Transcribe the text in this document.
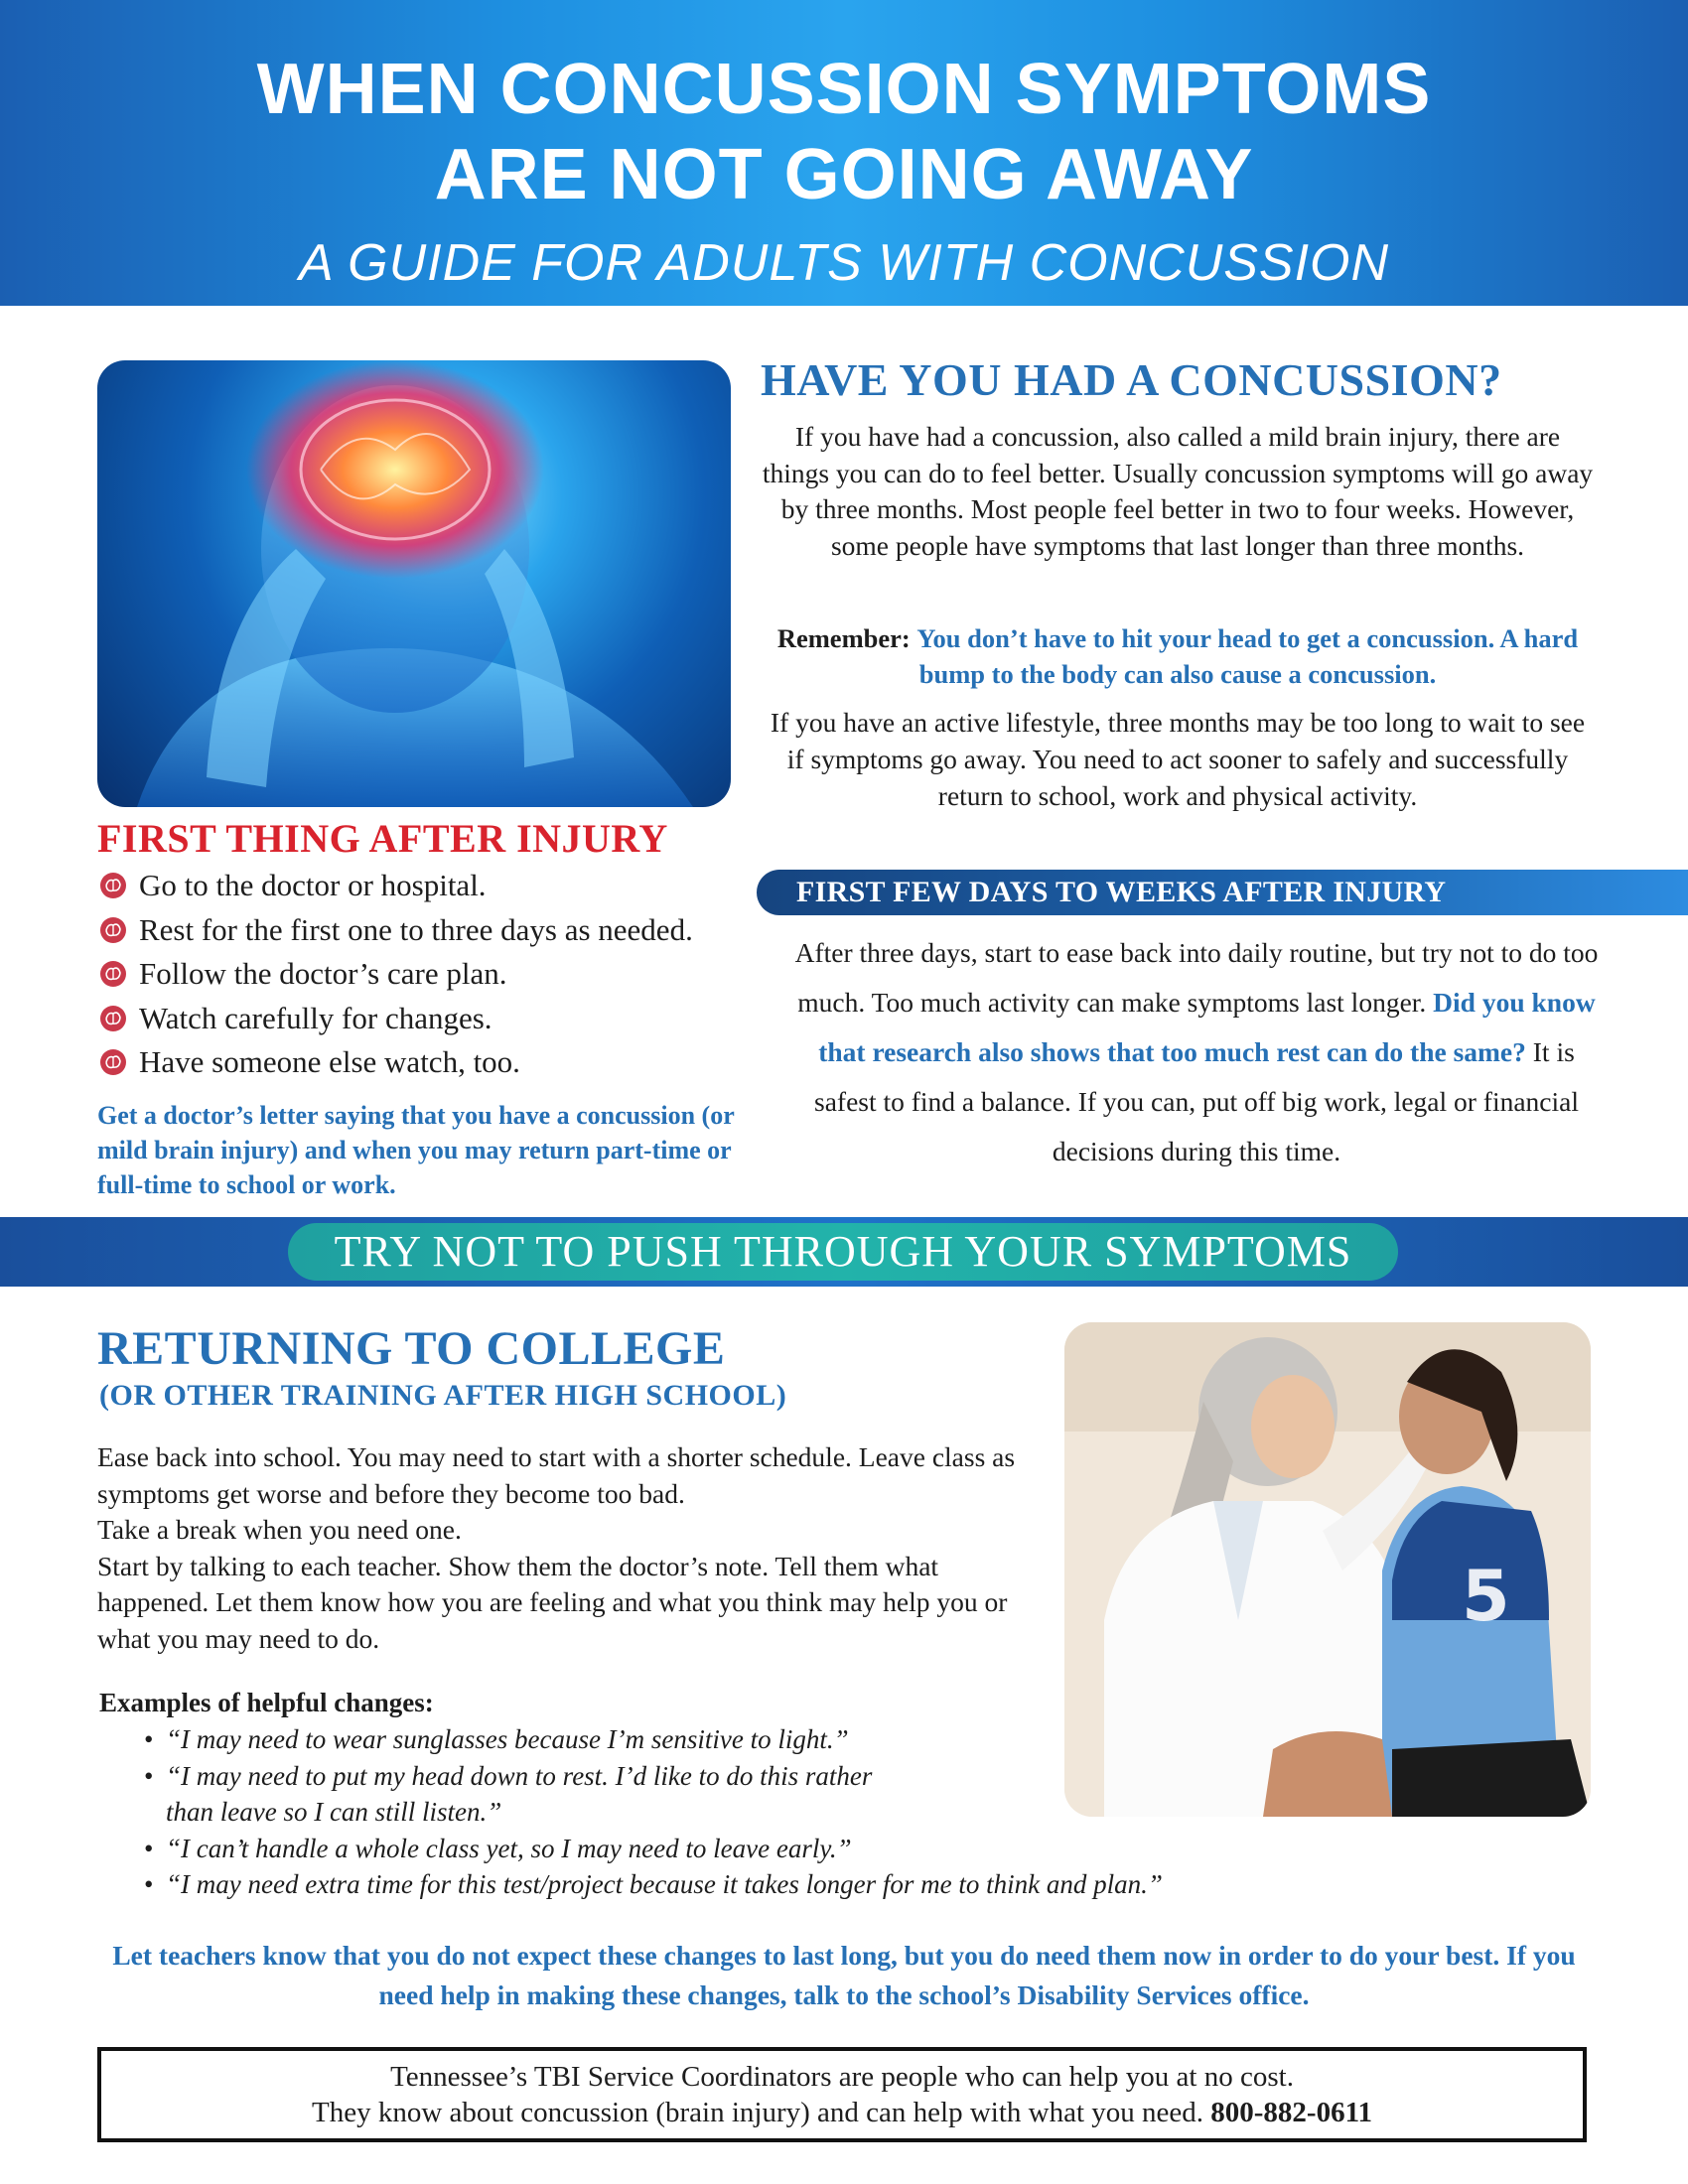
WHEN CONCUSSION SYMPTOMS
ARE NOT GOING AWAY
A GUIDE FOR ADULTS WITH CONCUSSION
FIRST THING AFTER INJURY
Go to the doctor or hospital.
Rest for the first one to three days as needed.
Follow the doctor’s care plan.
Watch carefully for changes.
Have someone else watch, too.
Get a doctor’s letter saying that you have a concussion (or mild brain injury) and when you may return part-time or full-time to school or work.
HAVE YOU HAD A CONCUSSION?
If you have had a concussion, also called a mild brain injury, there are things you can do to feel better. Usually concussion symptoms will go away by three months. Most people feel better in two to four weeks. However, some people have symptoms that last longer than three months.
Remember: You don’t have to hit your head to get a concussion. A hard bump to the body can also cause a concussion.
If you have an active lifestyle, three months may be too long to wait to see if symptoms go away. You need to act sooner to safely and successfully return to school, work and physical activity.
FIRST FEW DAYS TO WEEKS AFTER INJURY
After three days, start to ease back into daily routine, but try not to do too much. Too much activity can make symptoms last longer. Did you know that research also shows that too much rest can do the same? It is safest to find a balance. If you can, put off big work, legal or financial decisions during this time.
TRY NOT TO PUSH THROUGH YOUR SYMPTOMS
RETURNING TO COLLEGE
(OR OTHER TRAINING AFTER HIGH SCHOOL)

Ease back into school. You may need to start with a shorter schedule. Leave class as symptoms get worse and before they become too bad.

Take a break when you need one.

Start by talking to each teacher. Show them the doctor’s note. Tell them what happened. Let them know how you are feeling and what you think may help you or what you may need to do.

Examples of helpful changes:
• “I may need to wear sunglasses because I’m sensitive to light.”
• “I may need to put my head down to rest. I’d like to do this rather than leave so I can still listen.”
• “I can’t handle a whole class yet, so I may need to leave early.”
• “I may need extra time for this test/project because it takes longer for me to think and plan.”
Let teachers know that you do not expect these changes to last long, but you do need them now in order to do your best. If you need help in making these changes, talk to the school’s Disability Services office.
5
Tennessee’s TBI Service Coordinators are people who can help you at no cost.
They know about concussion (brain injury) and can help with what you need. 800-882-0611
